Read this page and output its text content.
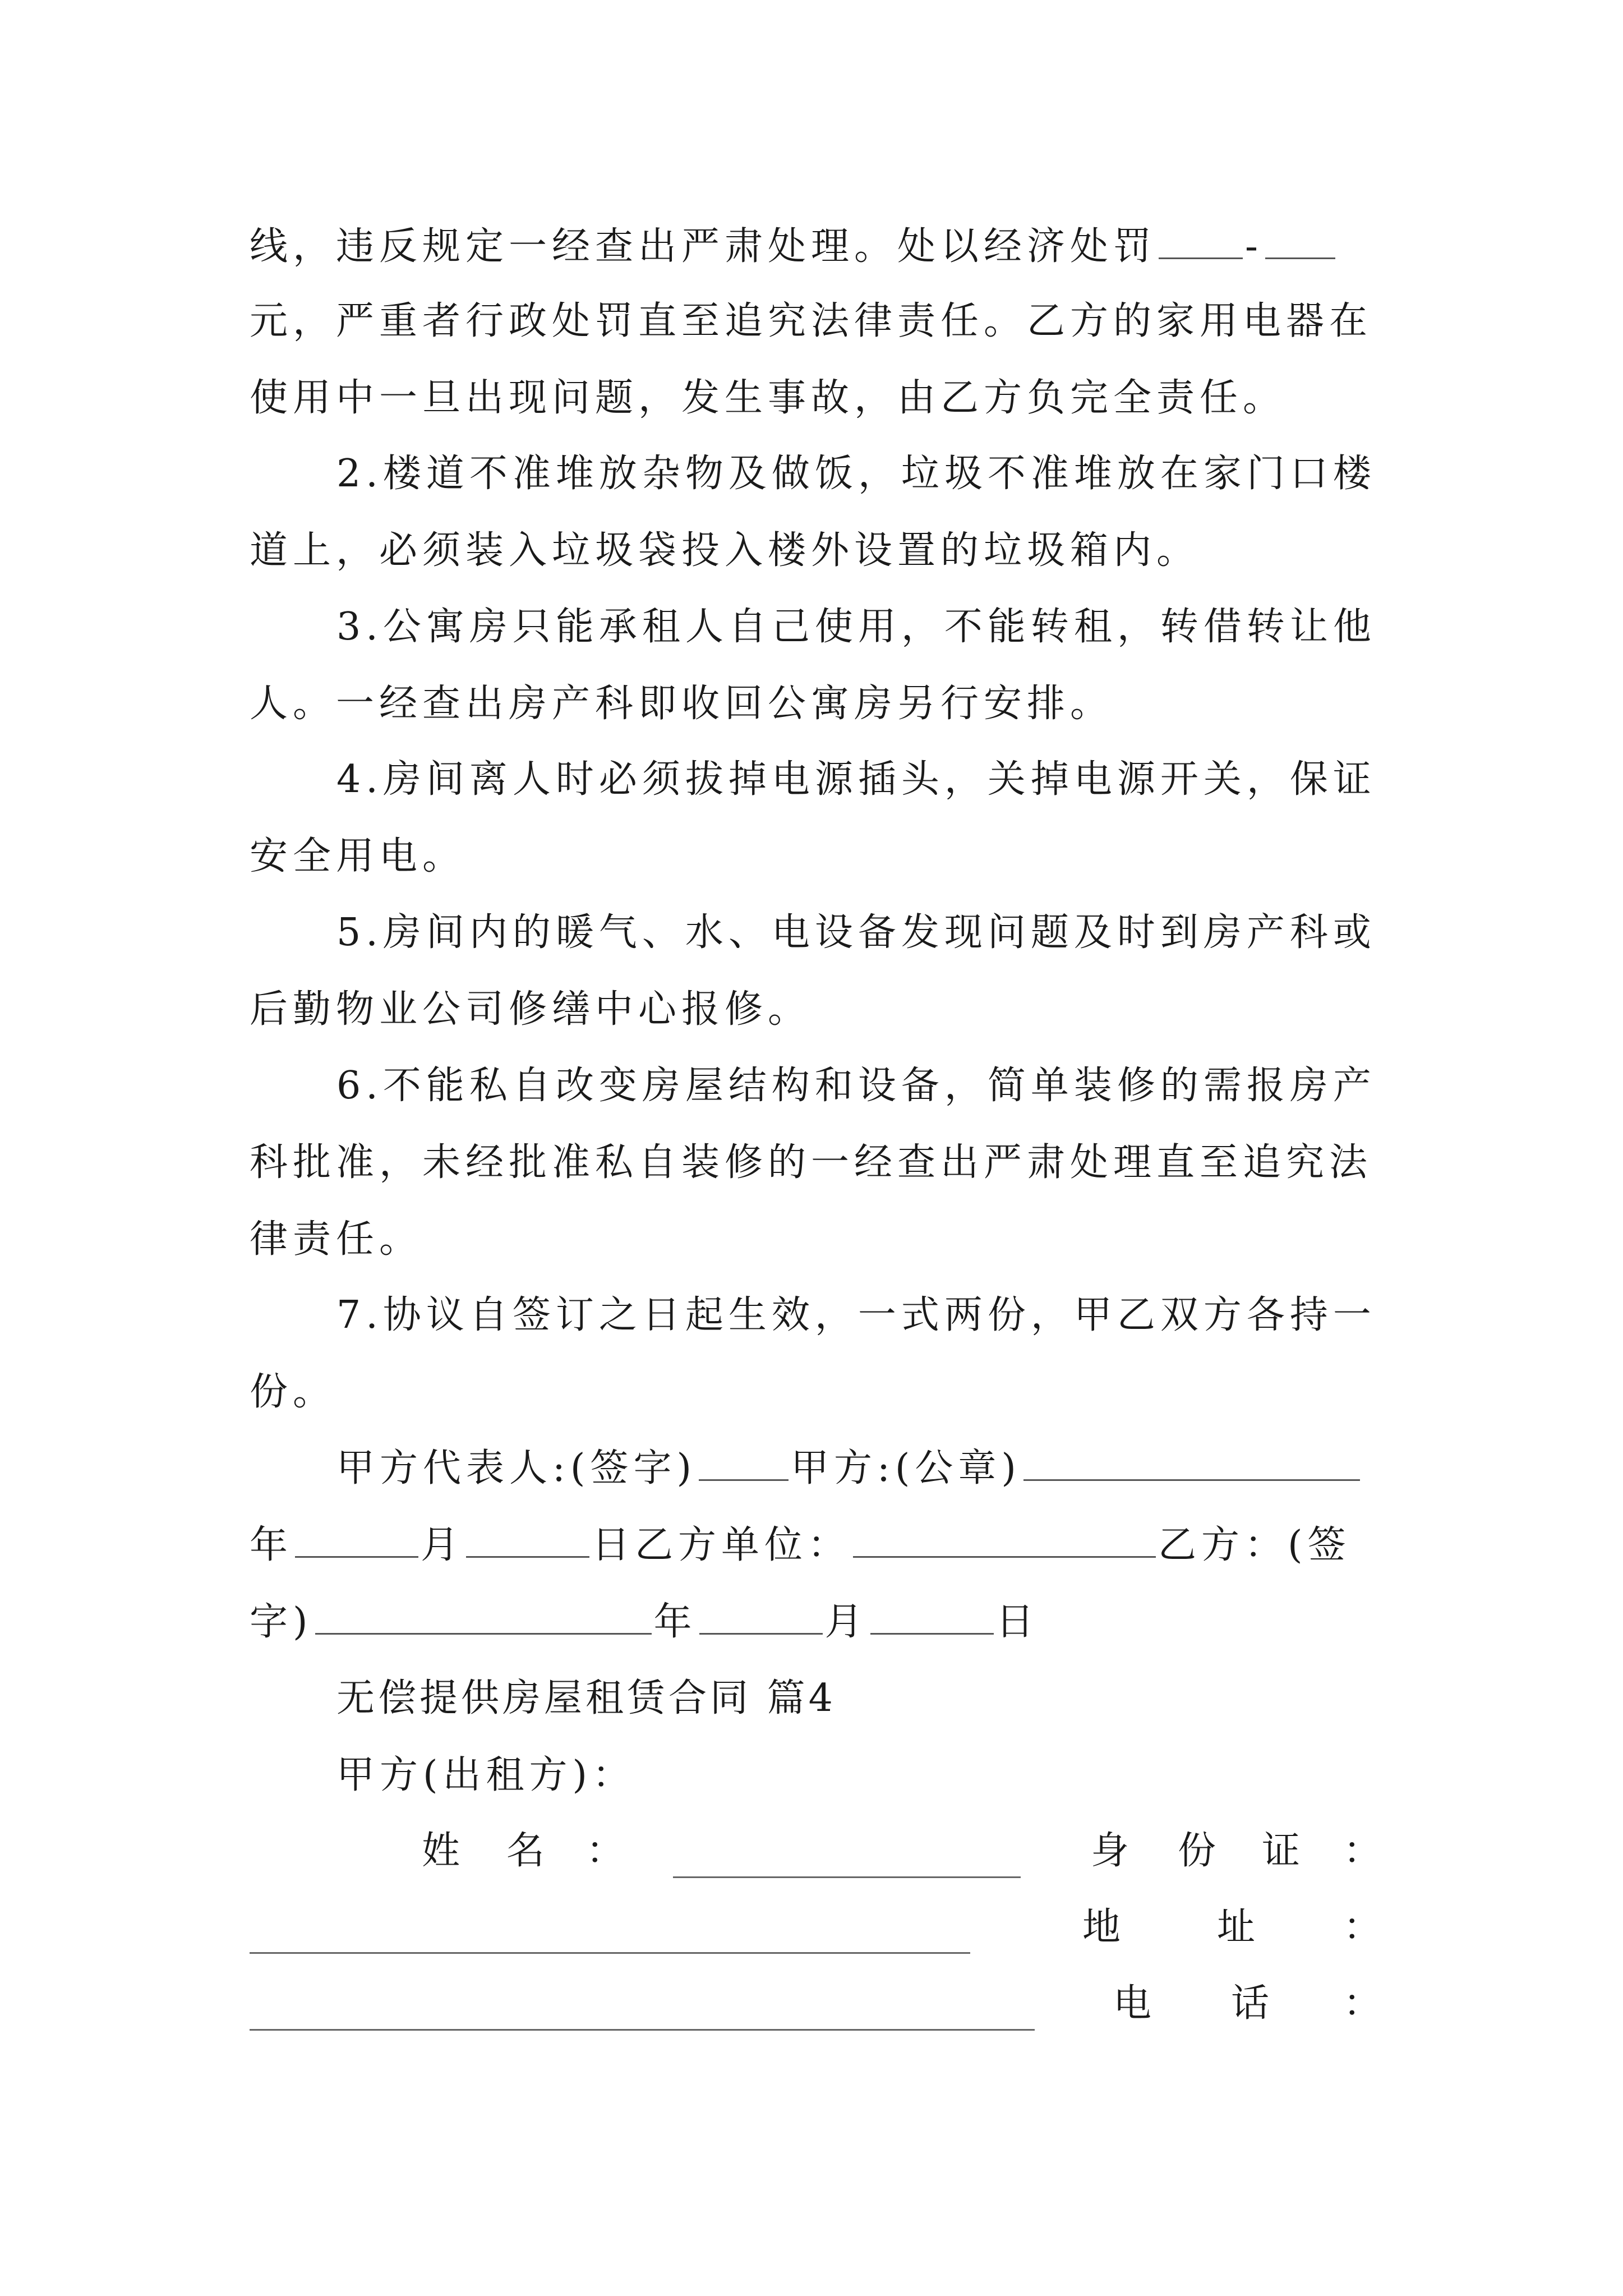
线，违反规定一经查出严肃处理。处以经济处罚 -
元，严重者行政处罚直至追究法律责任。乙方的家用电器在
使用中一旦出现问题，发生事故，由乙方负完全责任。
2.楼道不准堆放杂物及做饭，垃圾不准堆放在家门口楼
道上，必须装入垃圾袋投入楼外设置的垃圾箱内。
3.公寓房只能承租人自己使用，不能转租，转借转让他
人。一经查出房产科即收回公寓房另行安排。
4.房间离人时必须拔掉电源插头，关掉电源开关，保证
安全用电。
5.房间内的暖气、水、电设备发现问题及时到房产科或
后勤物业公司修缮中心报修。
6.不能私自改变房屋结构和设备，简单装修的需报房产
科批准，未经批准私自装修的一经查出严肃处理直至追究法
律责任。
7.协议自签订之日起生效，一式两份，甲乙双方各持一
份。
甲方代表人:(签字) 甲方:(公章)
年	月	日乙方单位：	乙方：(签
字)	年	月	日
无偿提供房屋租赁合同 篇4
甲方(出租方)：
姓 名 ：	身 份 证 ：
地	址 ：
电 话 ：
